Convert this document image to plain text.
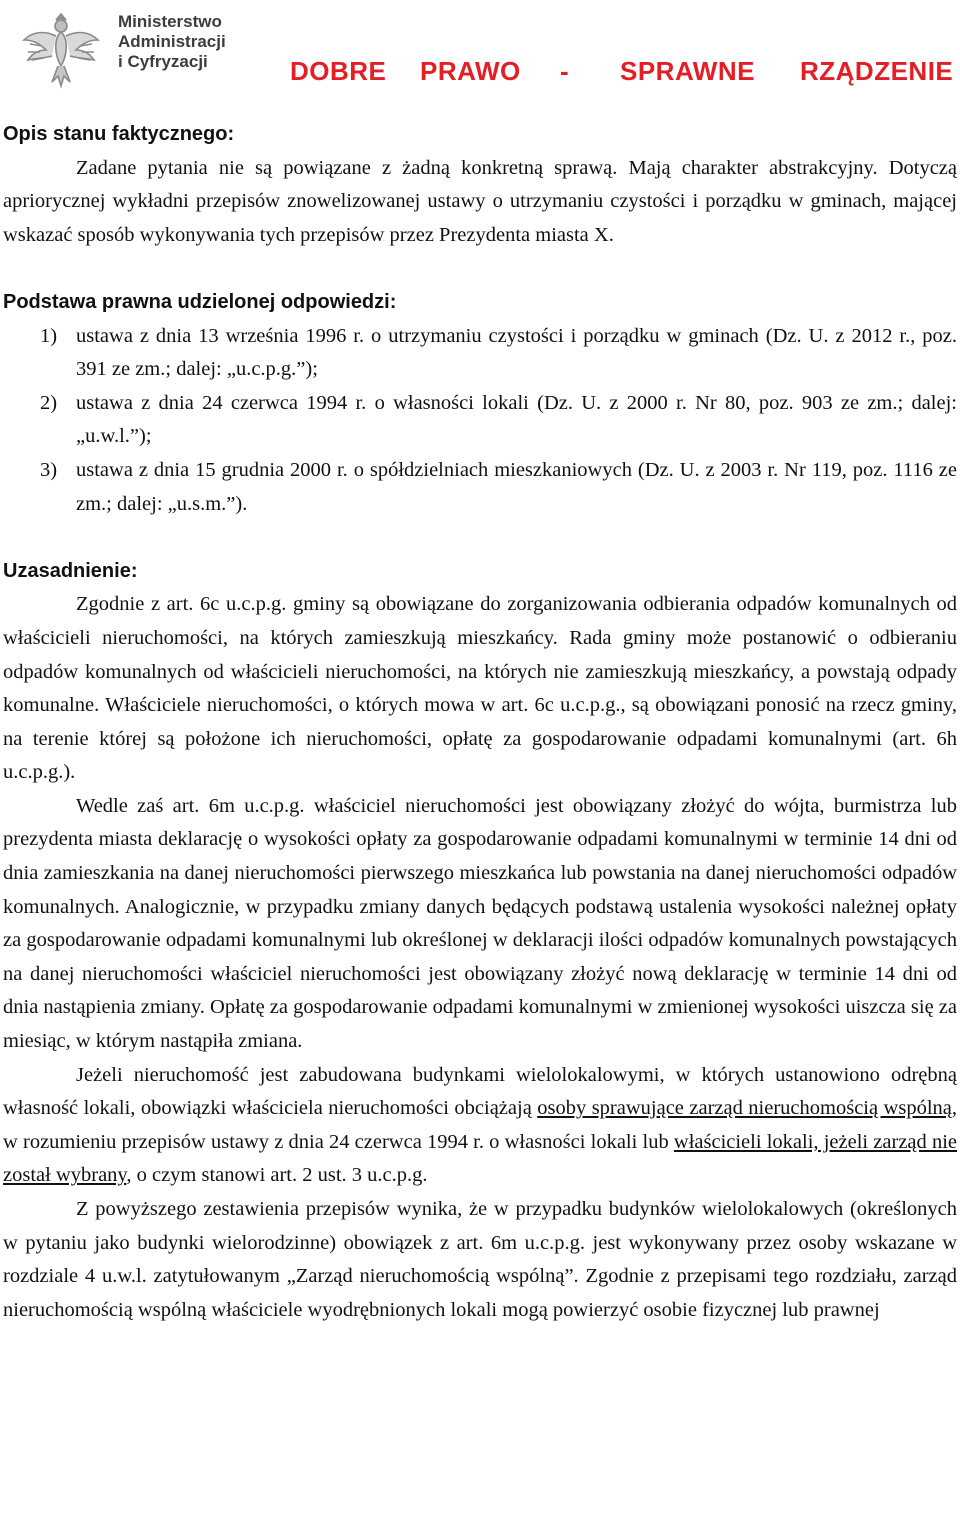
Ministerstwo
Administracji
i Cyfryzacji	DOBRE PRAWO - SPRAWNE RZĄDZENIE
Opis stanu faktycznego:

Zadane pytania nie są powiązane z żadną konkretną sprawą. Mają charakter abstrakcyjny. Dotyczą apriorycznej wykładni przepisów znowelizowanej ustawy o utrzymaniu czystości i porządku w gminach, mającej wskazać sposób wykonywania tych przepisów przez Prezydenta miasta X.

Podstawa prawna udzielonej odpowiedzi:
1) ustawa z dnia 13 września 1996 r. o utrzymaniu czystości i porządku w gminach (Dz. U. z 2012 r., poz. 391 ze zm.; dalej: „u.c.p.g.”);
2) ustawa z dnia 24 czerwca 1994 r. o własności lokali (Dz. U. z 2000 r. Nr 80, poz. 903 ze zm.; dalej: „u.w.l.”);
3) ustawa z dnia 15 grudnia 2000 r. o spółdzielniach mieszkaniowych (Dz. U. z 2003 r. Nr 119, poz. 1116 ze zm.; dalej: „u.s.m.”).
Uzasadnienie:

Zgodnie z art. 6c u.c.p.g. gminy są obowiązane do zorganizowania odbierania odpadów komunalnych od właścicieli nieruchomości, na których zamieszkują mieszkańcy. Rada gminy może postanowić o odbieraniu odpadów komunalnych od właścicieli nieruchomości, na których nie zamieszkują mieszkańcy, a powstają odpady komunalne. Właściciele nieruchomości, o których mowa w art. 6c u.c.p.g., są obowiązani ponosić na rzecz gminy, na terenie której są położone ich nieruchomości, opłatę za gospodarowanie odpadami komunalnymi (art. 6h u.c.p.g.).

Wedle zaś art. 6m u.c.p.g. właściciel nieruchomości jest obowiązany złożyć do wójta, burmistrza lub prezydenta miasta deklarację o wysokości opłaty za gospodarowanie odpadami komunalnymi w terminie 14 dni od dnia zamieszkania na danej nieruchomości pierwszego mieszkańca lub powstania na danej nieruchomości odpadów komunalnych. Analogicznie, w przypadku zmiany danych będących podstawą ustalenia wysokości należnej opłaty za gospodarowanie odpadami komunalnymi lub określonej w deklaracji ilości odpadów komunalnych powstających na danej nieruchomości właściciel nieruchomości jest obowiązany złożyć nową deklarację w terminie 14 dni od dnia nastąpienia zmiany. Opłatę za gospodarowanie odpadami komunalnymi w zmienionej wysokości uiszcza się za miesiąc, w którym nastąpiła zmiana.

Jeżeli nieruchomość jest zabudowana budynkami wielolokalowymi, w których ustanowiono odrębną własność lokali, obowiązki właściciela nieruchomości obciążają osoby sprawujące zarząd nieruchomością wspólną, w rozumieniu przepisów ustawy z dnia 24 czerwca 1994 r. o własności lokali lub właścicieli lokali, jeżeli zarząd nie został wybrany, o czym stanowi art. 2 ust. 3 u.c.p.g.

Z powyższego zestawienia przepisów wynika, że w przypadku budynków wielolokalowych (określonych w pytaniu jako budynki wielorodzinne) obowiązek z art. 6m u.c.p.g. jest wykonywany przez osoby wskazane w rozdziale 4 u.w.l. zatytułowanym „Zarząd nieruchomością wspólną”. Zgodnie z przepisami tego rozdziału, zarząd nieruchomością wspólną właściciele wyodrębnionych lokali mogą powierzyć osobie fizycznej lub prawnej
